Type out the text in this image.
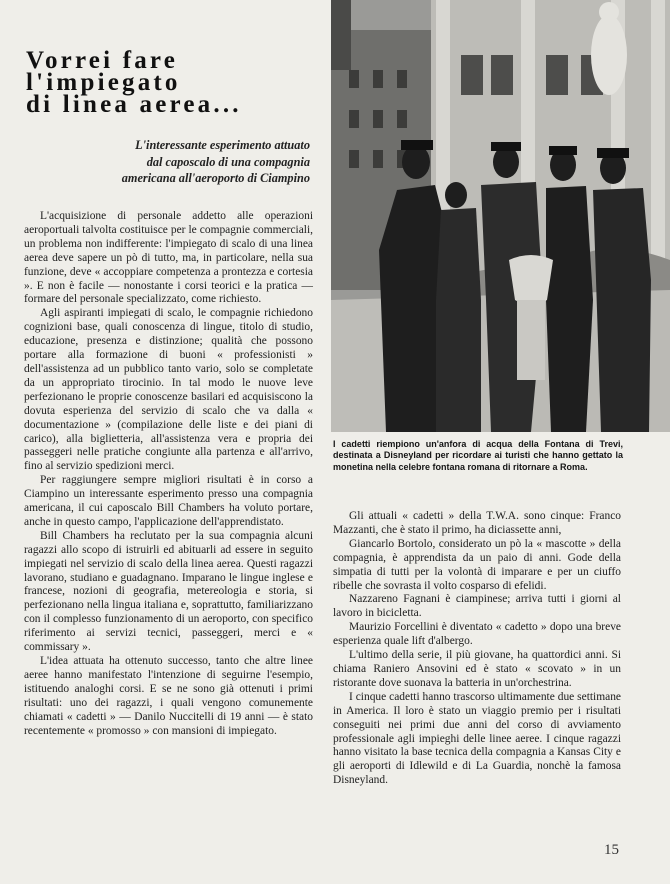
Vorrei fare
l'impiegato
di linea aerea...
L'interessante esperimento attuato
dal caposcalo di una compagnia
americana all'aeroporto di Ciampino

L'acquisizione di personale addetto alle operazioni aeroportuali talvolta costituisce per le compagnie commerciali, un problema non indifferente: l'impiegato di scalo di una linea aerea deve sapere un pò di tutto, ma, in particolare, nella sua funzione, deve « accoppiare competenza a prontezza e cortesia ». E non è facile — nonostante i corsi teorici e la pratica — formare del personale specializzato, come richiesto.

Agli aspiranti impiegati di scalo, le compagnie richiedono cognizioni base, quali conoscenza di lingue, titolo di studio, educazione, presenza e distinzione; qualità che possono portare alla formazione di buoni « professionisti » dell'assistenza ad un pubblico tanto vario, solo se completate da un appropriato tirocinio. In tal modo le nuove leve perfezionano le proprie conoscenze basilari ed acquisiscono la dovuta esperienza del servizio di scalo che va dalla « documentazione » (compilazione delle liste e dei piani di carico), alla biglietteria, all'assistenza vera e propria dei passeggeri nelle pratiche congiunte alla partenza e all'arrivo, fino al servizio spedizioni merci.

Per raggiungere sempre migliori risultati è in corso a Ciampino un interessante esperimento presso una compagnia americana, il cui caposcalo Bill Chambers ha voluto portare, anche in questo campo, l'applicazione dell'apprendistato.

Bill Chambers ha reclutato per la sua compagnia alcuni ragazzi allo scopo di istruirli ed abituarli ad essere in seguito impiegati nel servizio di scalo della linea aerea. Questi ragazzi lavorano, studiano e guadagnano. Imparano le lingue inglese e francese, nozioni di geografia, metereologia e storia, si perfezionano nella lingua italiana e, soprattutto, familiarizzano con il complesso funzionamento di un aeroporto, con specifico riferimento ai servizi tecnici, passeggeri, merci e « commissary ».

L'idea attuata ha ottenuto successo, tanto che altre linee aeree hanno manifestato l'intenzione di seguirne l'esempio, istituendo analoghi corsi. E se ne sono già ottenuti i primi risultati: uno dei ragazzi, i quali vengono comunemente chiamati « cadetti » — Danilo Nuccitelli di 19 anni — è stato recentemente « promosso » con mansioni di impiegato.

I cadetti riempiono un'anfora di acqua della Fontana di Trevi, destinata a Disneyland per ricordare ai turisti che hanno gettato la monetina nella celebre fontana romana di ritornare a Roma.

Gli attuali « cadetti » della T.W.A. sono cinque: Franco Mazzanti, che è stato il primo, ha diciassette anni,

Giancarlo Bortolo, considerato un pò la « mascotte » della compagnia, è apprendista da un paio di anni. Gode della simpatia di tutti per la volontà di imparare e per un ciuffo ribelle che sovrasta il volto cosparso di efelidi.

Nazzareno Fagnani è ciampinese; arriva tutti i giorni al lavoro in bicicletta.

Maurizio Forcellini è diventato « cadetto » dopo una breve esperienza quale lift d'albergo.

L'ultimo della serie, il più giovane, ha quattordici anni. Si chiama Raniero Ansovini ed è stato « scovato » in un ristorante dove suonava la batteria in un'orchestrina.

I cinque cadetti hanno trascorso ultimamente due settimane in America. Il loro è stato un viaggio premio per i risultati conseguiti nei primi due anni del corso di avviamento professionale agli impieghi delle linee aeree. I cinque ragazzi hanno visitato la base tecnica della compagnia a Kansas City e gli aeroporti di Idlewild e di La Guardia, nonchè la famosa Disneyland.

15
